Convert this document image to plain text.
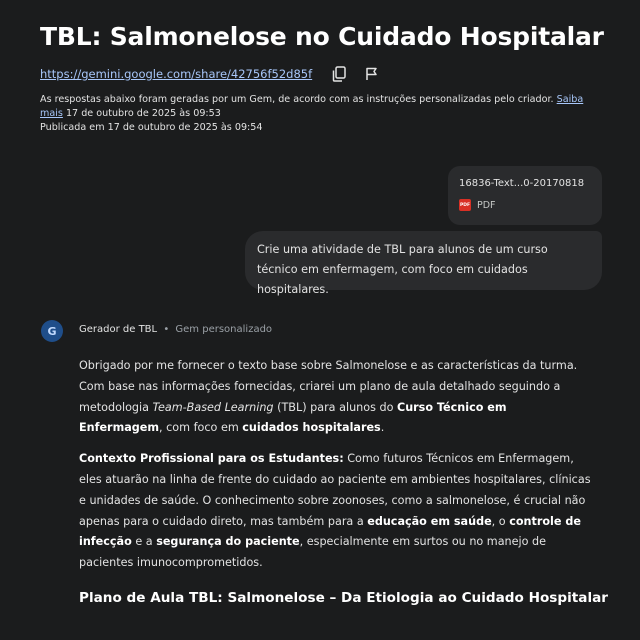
TBL: Salmonelose no Cuidado Hospitalar
https://gemini.google.com/share/42756f52d85f
As respostas abaixo foram geradas por um Gem, de acordo com as instruções personalizadas pelo criador. Saiba mais 17 de outubro de 2025 às 09:53
Publicada em 17 de outubro de 2025 às 09:54
16836-Text...0-20170818
PDF PDF
Crie uma atividade de TBL para alunos de um curso técnico em enfermagem, com foco em cuidados hospitalares.
G	Gerador de TBL • Gem personalizado

Obrigado por me fornecer o texto base sobre Salmonelose e as características da turma. Com base nas informações fornecidas, criarei um plano de aula detalhado seguindo a metodologia Team-Based Learning (TBL) para alunos do Curso Técnico em Enfermagem, com foco em cuidados hospitalares.

Contexto Profissional para os Estudantes: Como futuros Técnicos em Enfermagem, eles atuarão na linha de frente do cuidado ao paciente em ambientes hospitalares, clínicas e unidades de saúde. O conhecimento sobre zoonoses, como a salmonelose, é crucial não apenas para o cuidado direto, mas também para a educação em saúde, o controle de infecção e a segurança do paciente, especialmente em surtos ou no manejo de pacientes imunocomprometidos.

Plano de Aula TBL: Salmonelose – Da Etiologia ao Cuidado Hospitalar
